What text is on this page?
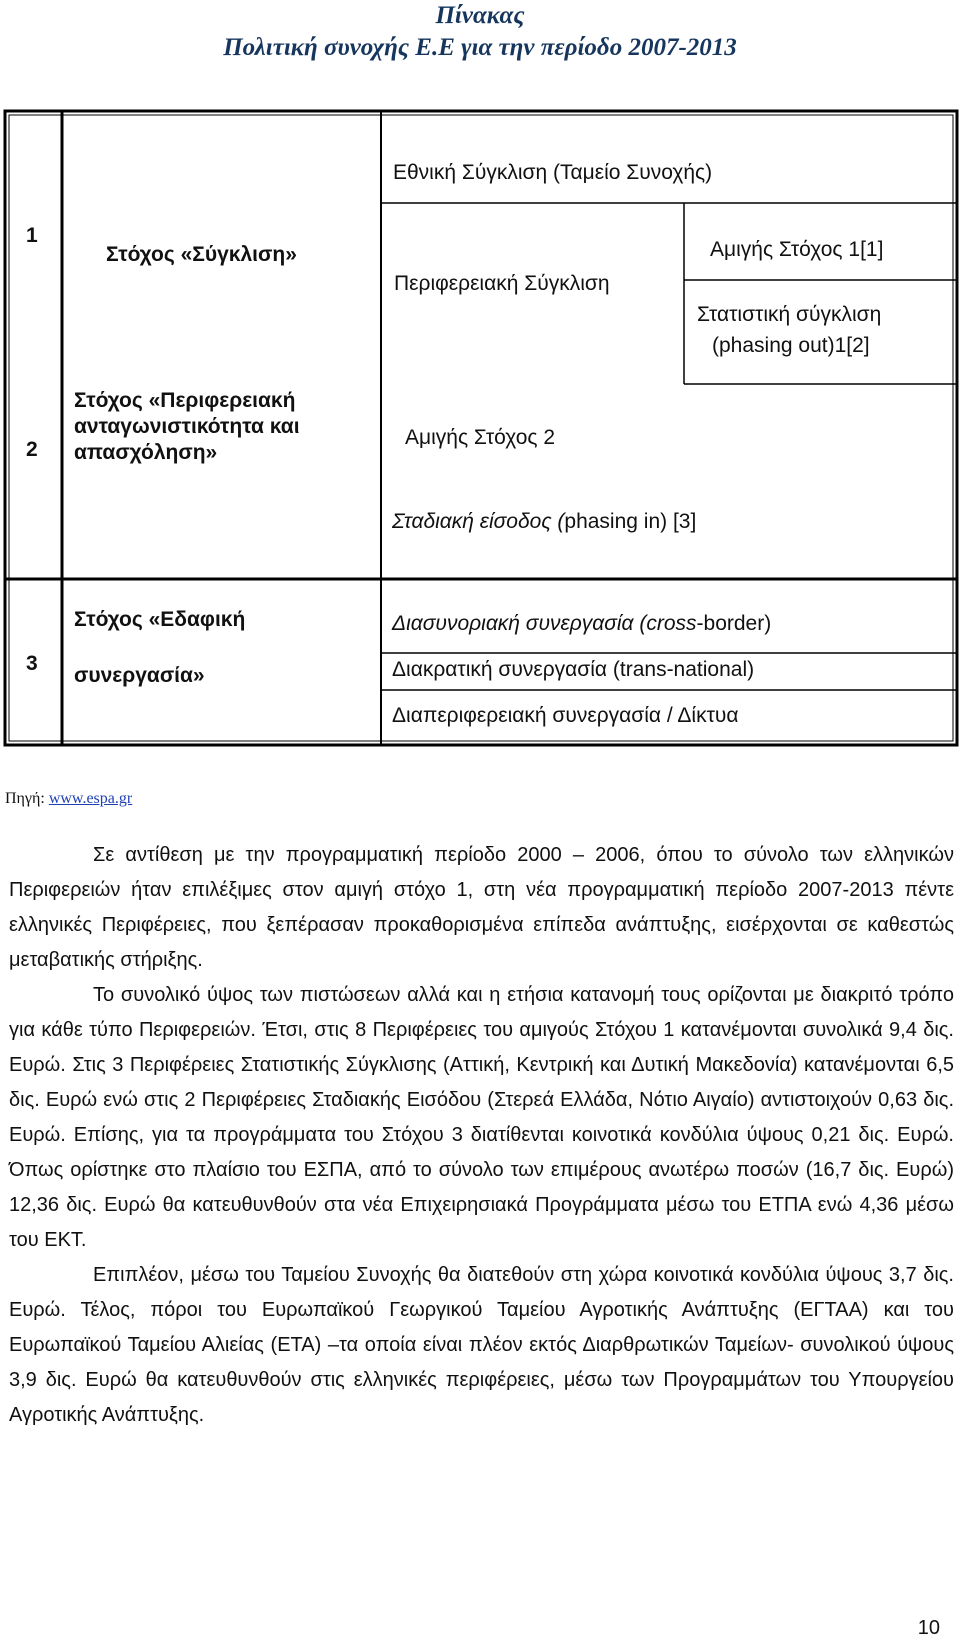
Πίνακας
Πολιτική συνοχής Ε.Ε για την περίοδο 2007-2013
1
Στόχος «Σύγκλιση»
Εθνική Σύγκλιση (Ταμείο Συνοχής)
Περιφερειακή Σύγκλιση
Αμιγής Στόχος 1[1]
Στατιστική σύγκλιση
(phasing out)1[2]
2
Στόχος «Περιφερειακή
ανταγωνιστικότητα και
απασχόληση»
Αμιγής Στόχος 2
Σταδιακή είσοδος (phasing in) [3]
3
Στόχος «Εδαφική
συνεργασία»
Διασυνοριακή συνεργασία (cross-border)
Διακρατική συνεργασία (trans-national)
Διαπεριφερειακή συνεργασία / Δίκτυα
Πηγή: www.espa.gr

Σε αντίθεση με την προγραμματική περίοδο 2000 – 2006, όπου το σύνολο των ελληνικών Περιφερειών ήταν επιλέξιμες στον αμιγή στόχο 1, στη νέα προγραμματική περίοδο 2007-2013 πέντε ελληνικές Περιφέρειες, που ξεπέρασαν προκαθορισμένα επίπεδα ανάπτυξης, εισέρχονται σε καθεστώς μεταβατικής στήριξης.

Το συνολικό ύψος των πιστώσεων αλλά και η ετήσια κατανομή τους ορίζονται με διακριτό τρόπο για κάθε τύπο Περιφερειών. Έτσι, στις 8 Περιφέρειες του αμιγούς Στόχου 1 κατανέμονται συνολικά 9,4 δις. Ευρώ. Στις 3 Περιφέρειες Στατιστικής Σύγκλισης (Αττική, Κεντρική και Δυτική Μακεδονία) κατανέμονται 6,5 δις. Ευρώ ενώ στις 2 Περιφέρειες Σταδιακής Εισόδου (Στερεά Ελλάδα, Νότιο Αιγαίο) αντιστοιχούν 0,63 δις. Ευρώ. Επίσης, για τα προγράμματα του Στόχου 3 διατίθενται κοινοτικά κονδύλια ύψους 0,21 δις. Ευρώ. Όπως ορίστηκε στο πλαίσιο του ΕΣΠΑ, από το σύνολο των επιμέρους ανωτέρω ποσών (16,7 δις. Ευρώ) 12,36 δις. Ευρώ θα κατευθυνθούν στα νέα Επιχειρησιακά Προγράμματα μέσω του ΕΤΠΑ ενώ 4,36 μέσω του ΕΚΤ.

Επιπλέον, μέσω του Ταμείου Συνοχής θα διατεθούν στη χώρα κοινοτικά κονδύλια ύψους 3,7 δις. Ευρώ. Τέλος, πόροι του Ευρωπαϊκού Γεωργικού Ταμείου Αγροτικής Ανάπτυξης (ΕΓΤΑΑ) και του Ευρωπαϊκού Ταμείου Αλιείας (ΕΤΑ) –τα οποία είναι πλέον εκτός Διαρθρωτικών Ταμείων- συνολικού ύψους 3,9 δις. Ευρώ θα κατευθυνθούν στις ελληνικές περιφέρειες, μέσω των Προγραμμάτων του Υπουργείου Αγροτικής Ανάπτυξης.

10
